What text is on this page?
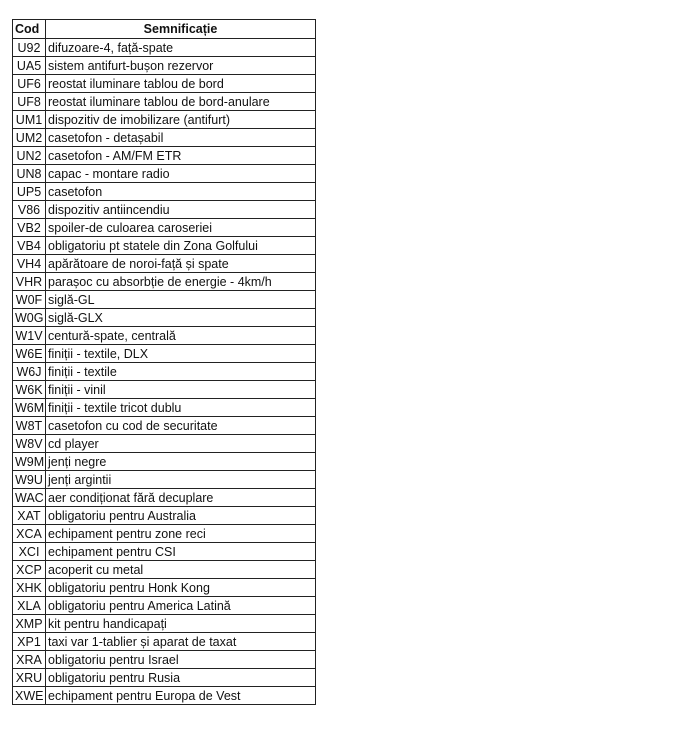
Cod	Semnificație
U92	difuzoare-4, față-spate
UA5	sistem antifurt-bușon rezervor
UF6	reostat iluminare tablou de bord
UF8	reostat iluminare tablou de bord-anulare
UM1	dispozitiv de imobilizare (antifurt)
UM2	casetofon - detașabil
UN2	casetofon - AM/FM ETR
UN8	capac - montare radio
UP5	casetofon
V86	dispozitiv antiincendiu
VB2	spoiler-de culoarea caroseriei
VB4	obligatoriu pt statele din Zona Golfului
VH4	apărătoare de noroi-față și spate
VHR	parașoc cu absorbție de energie - 4km/h
W0F	siglă-GL
W0G	siglă-GLX
W1V	centură-spate, centrală
W6E	finiții - textile, DLX
W6J	finiții - textile
W6K	finiții - vinil
W6M	finiții - textile tricot dublu
W8T	casetofon cu cod de securitate
W8V	cd player
W9M	jenți negre
W9U	jenți argintii
WAC	aer condiționat fără decuplare
XAT	obligatoriu pentru Australia
XCA	echipament pentru zone reci
XCI	echipament pentru CSI
XCP	acoperit cu metal
XHK	obligatoriu pentru Honk Kong
XLA	obligatoriu pentru America Latină
XMP	kit pentru handicapați
XP1	taxi var 1-tablier și aparat de taxat
XRA	obligatoriu pentru Israel
XRU	obligatoriu pentru Rusia
XWE	echipament pentru Europa de Vest
